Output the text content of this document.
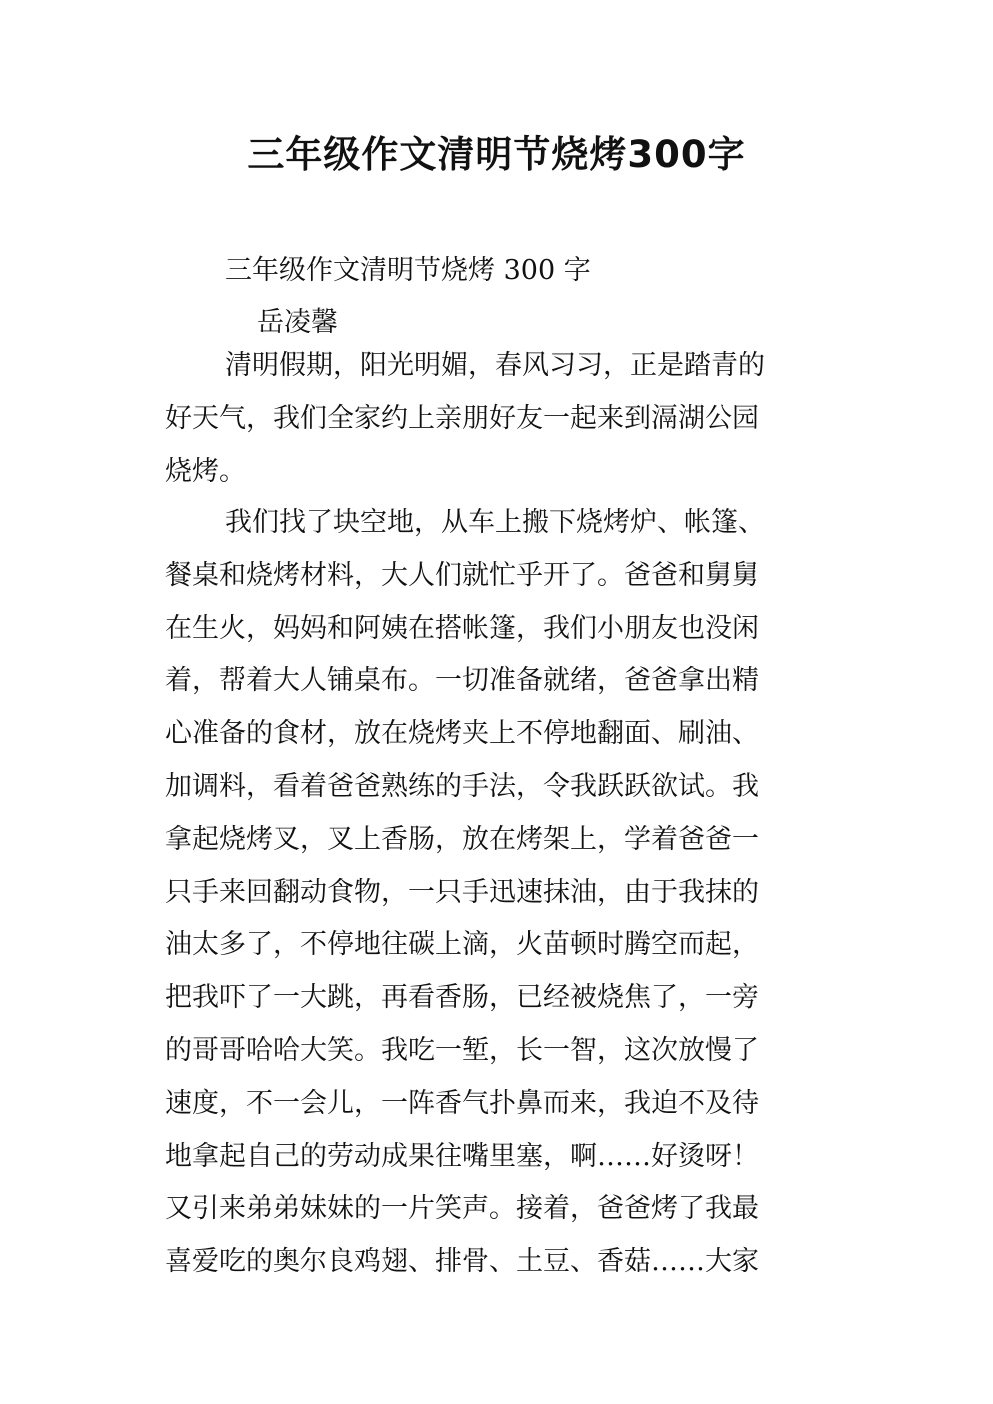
三年级作文清明节烧烤300字
三年级作文清明节烧烤 300 字
岳凌馨
清明假期，阳光明媚，春风习习，正是踏青的
好天气，我们全家约上亲朋好友一起来到滆湖公园
烧烤。
我们找了块空地，从车上搬下烧烤炉、帐篷、
餐桌和烧烤材料，大人们就忙乎开了。爸爸和舅舅
在生火，妈妈和阿姨在搭帐篷，我们小朋友也没闲
着，帮着大人铺桌布。一切准备就绪，爸爸拿出精
心准备的食材，放在烧烤夹上不停地翻面、刷油、
加调料，看着爸爸熟练的手法，令我跃跃欲试。我
拿起烧烤叉，叉上香肠，放在烤架上，学着爸爸一
只手来回翻动食物，一只手迅速抹油，由于我抹的
油太多了，不停地往碳上滴，火苗顿时腾空而起，
把我吓了一大跳，再看香肠，已经被烧焦了，一旁
的哥哥哈哈大笑。我吃一堑，长一智，这次放慢了
速度，不一会儿，一阵香气扑鼻而来，我迫不及待
地拿起自己的劳动成果往嘴里塞，啊……好烫呀！
又引来弟弟妹妹的一片笑声。接着，爸爸烤了我最
喜爱吃的奥尔良鸡翅、排骨、土豆、香菇……大家
